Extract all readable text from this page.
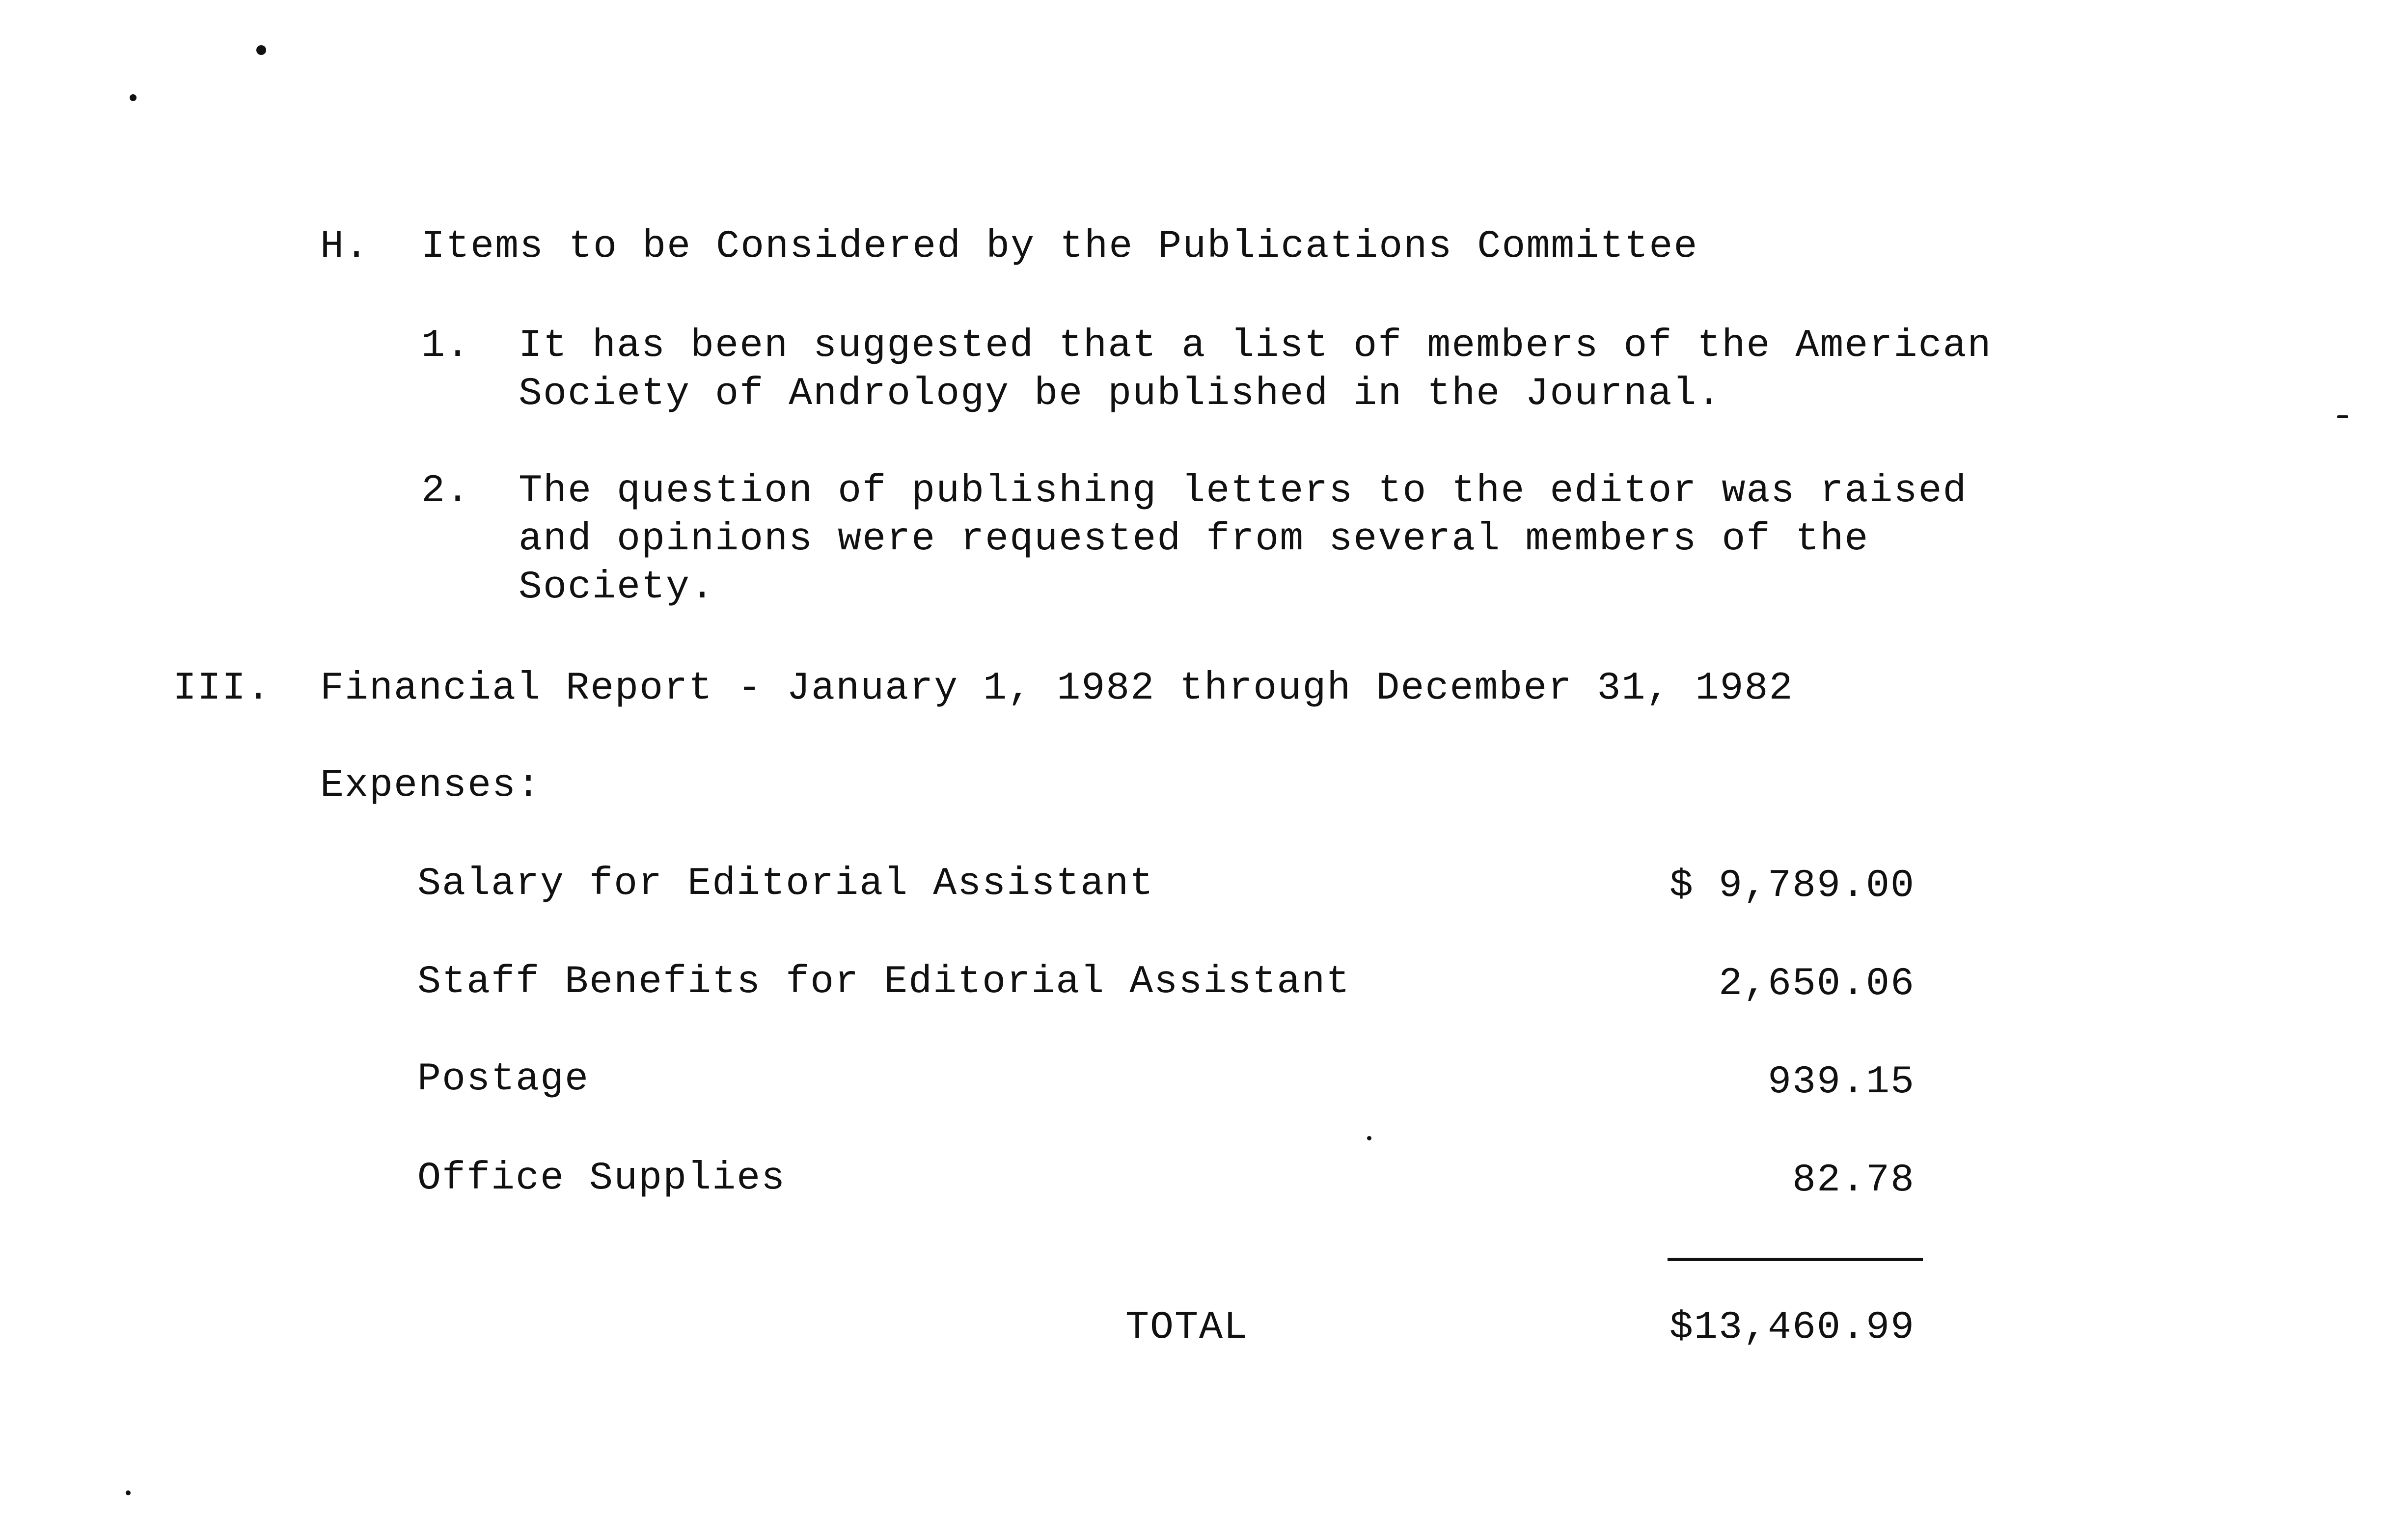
H. Items to be Considered by the Publications Committee
1. It has been suggested that a list of members of the American
Society of Andrology be published in the Journal.
2. The question of publishing letters to the editor was raised
and opinions were requested from several members of the
Society.
III. Financial Report - January 1, 1982 through December 31, 1982
Expenses:
Salary for Editorial Assistant	$ 9,789.00
Staff Benefits for Editorial Assistant	2,650.06
Postage	939.15
Office Supplies	82.78
TOTAL	$13,460.99
